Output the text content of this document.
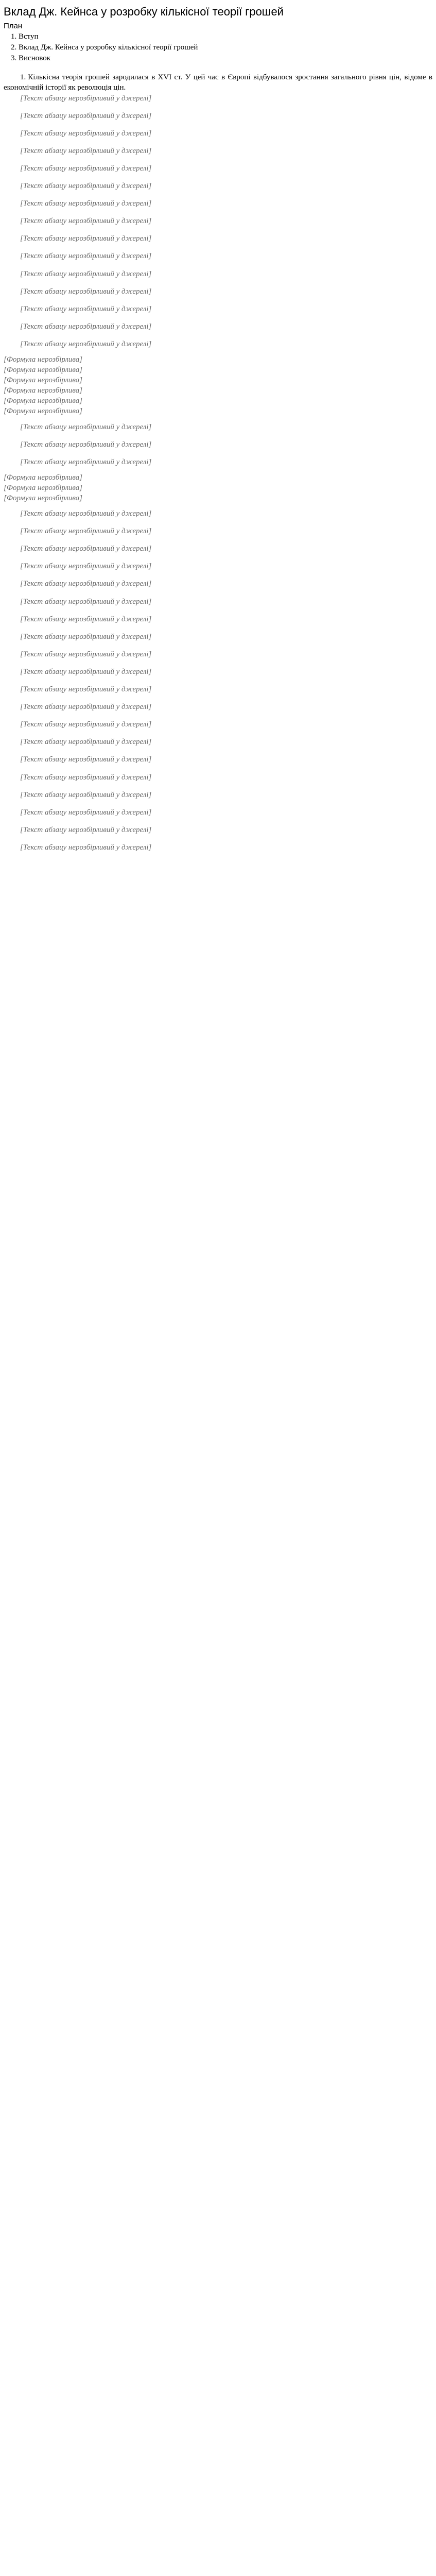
Вклад Дж. Кейнса у розробку кількісної теорії грошей
План
1. Вступ
2. Вклад Дж. Кейнса у розробку кількісної теорії грошей
3. Висновок

1. Кількісна теорія грошей зародилася в XVI ст. У цей час в Європі відбувалося зростання загального рівня цін, відоме в економічній історії як революція цін.

[Текст абзацу нерозбірливий у джерелі]

[Текст абзацу нерозбірливий у джерелі]

[Текст абзацу нерозбірливий у джерелі]

[Текст абзацу нерозбірливий у джерелі]

[Текст абзацу нерозбірливий у джерелі]

[Текст абзацу нерозбірливий у джерелі]

[Текст абзацу нерозбірливий у джерелі]

[Текст абзацу нерозбірливий у джерелі]

[Текст абзацу нерозбірливий у джерелі]

[Текст абзацу нерозбірливий у джерелі]

[Текст абзацу нерозбірливий у джерелі]

[Текст абзацу нерозбірливий у джерелі]

[Текст абзацу нерозбірливий у джерелі]

[Текст абзацу нерозбірливий у джерелі]

[Текст абзацу нерозбірливий у джерелі]

[Формула нерозбірлива]
[Формула нерозбірлива]
[Формула нерозбірлива]
[Формула нерозбірлива]
[Формула нерозбірлива]
[Формула нерозбірлива]

[Текст абзацу нерозбірливий у джерелі]

[Текст абзацу нерозбірливий у джерелі]

[Текст абзацу нерозбірливий у джерелі]

[Формула нерозбірлива]
[Формула нерозбірлива]
[Формула нерозбірлива]

[Текст абзацу нерозбірливий у джерелі]

[Текст абзацу нерозбірливий у джерелі]

[Текст абзацу нерозбірливий у джерелі]

[Текст абзацу нерозбірливий у джерелі]

[Текст абзацу нерозбірливий у джерелі]

[Текст абзацу нерозбірливий у джерелі]

[Текст абзацу нерозбірливий у джерелі]

[Текст абзацу нерозбірливий у джерелі]

[Текст абзацу нерозбірливий у джерелі]

[Текст абзацу нерозбірливий у джерелі]

[Текст абзацу нерозбірливий у джерелі]

[Текст абзацу нерозбірливий у джерелі]

[Текст абзацу нерозбірливий у джерелі]

[Текст абзацу нерозбірливий у джерелі]

[Текст абзацу нерозбірливий у джерелі]

[Текст абзацу нерозбірливий у джерелі]

[Текст абзацу нерозбірливий у джерелі]

[Текст абзацу нерозбірливий у джерелі]

[Текст абзацу нерозбірливий у джерелі]

[Текст абзацу нерозбірливий у джерелі]
